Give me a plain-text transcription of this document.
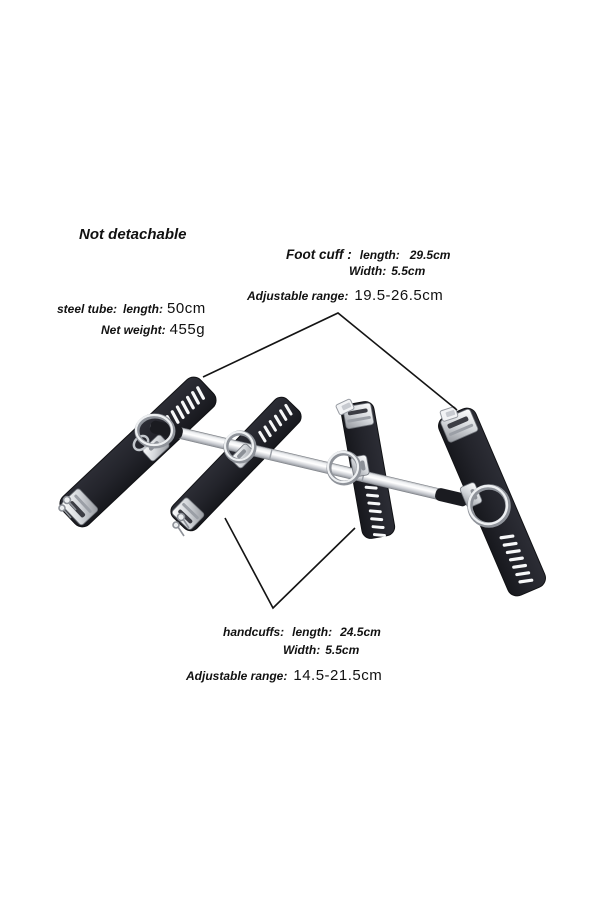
Not detachable
Foot cuff : length: 29.5cm
Width: 5.5cm
Adjustable range: 19.5-26.5cm
steel tube: length: 50cm
Net weight: 455g
handcuffs: length: 24.5cm
Width: 5.5cm
Adjustable range: 14.5-21.5cm
